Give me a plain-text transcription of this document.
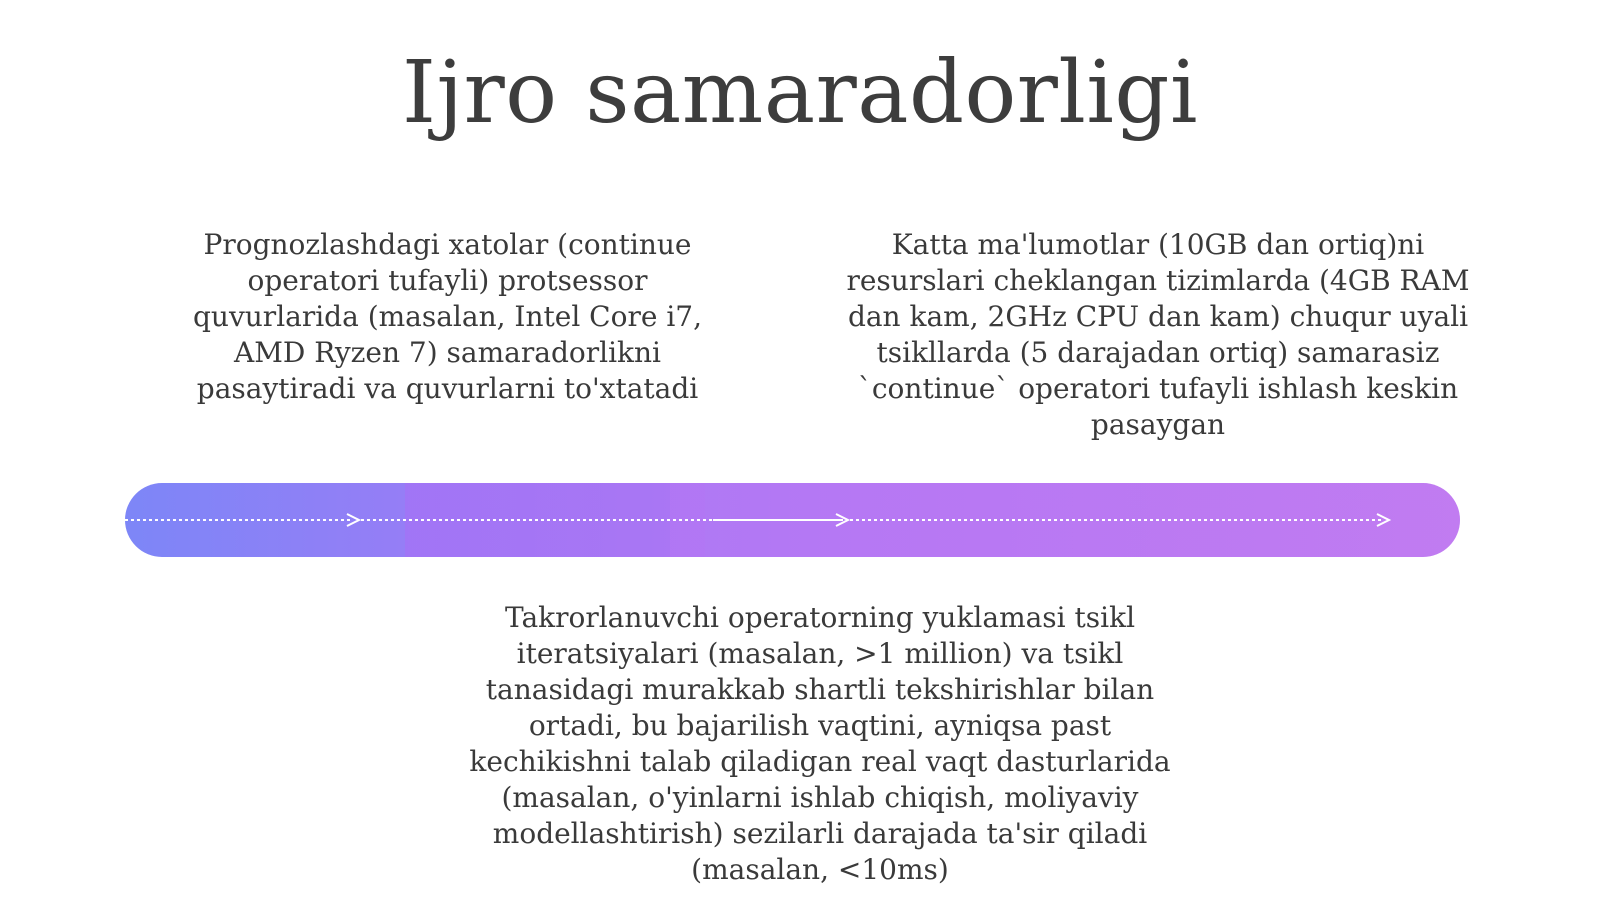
Ijro samaradorligi
Prognozlashdagi xatolar (continue operatori tufayli) protsessor quvurlarida (masalan, Intel Core i7, AMD Ryzen 7) samaradorlikni pasaytiradi va quvurlarni to'xtatadi
Katta ma'lumotlar (10GB dan ortiq)ni resurslari cheklangan tizimlarda (4GB RAM dan kam, 2GHz CPU dan kam) chuqur uyali tsikllarda (5 darajadan ortiq) samarasiz `continue` operatori tufayli ishlash keskin pasaygan
Takrorlanuvchi operatorning yuklamasi tsikl iteratsiyalari (masalan, >1 million) va tsikl tanasidagi murakkab shartli tekshirishlar bilan ortadi, bu bajarilish vaqtini, ayniqsa past kechikishni talab qiladigan real vaqt dasturlarida (masalan, o'yinlarni ishlab chiqish, moliyaviy modellashtirish) sezilarli darajada ta'sir qiladi (masalan, <10ms)
